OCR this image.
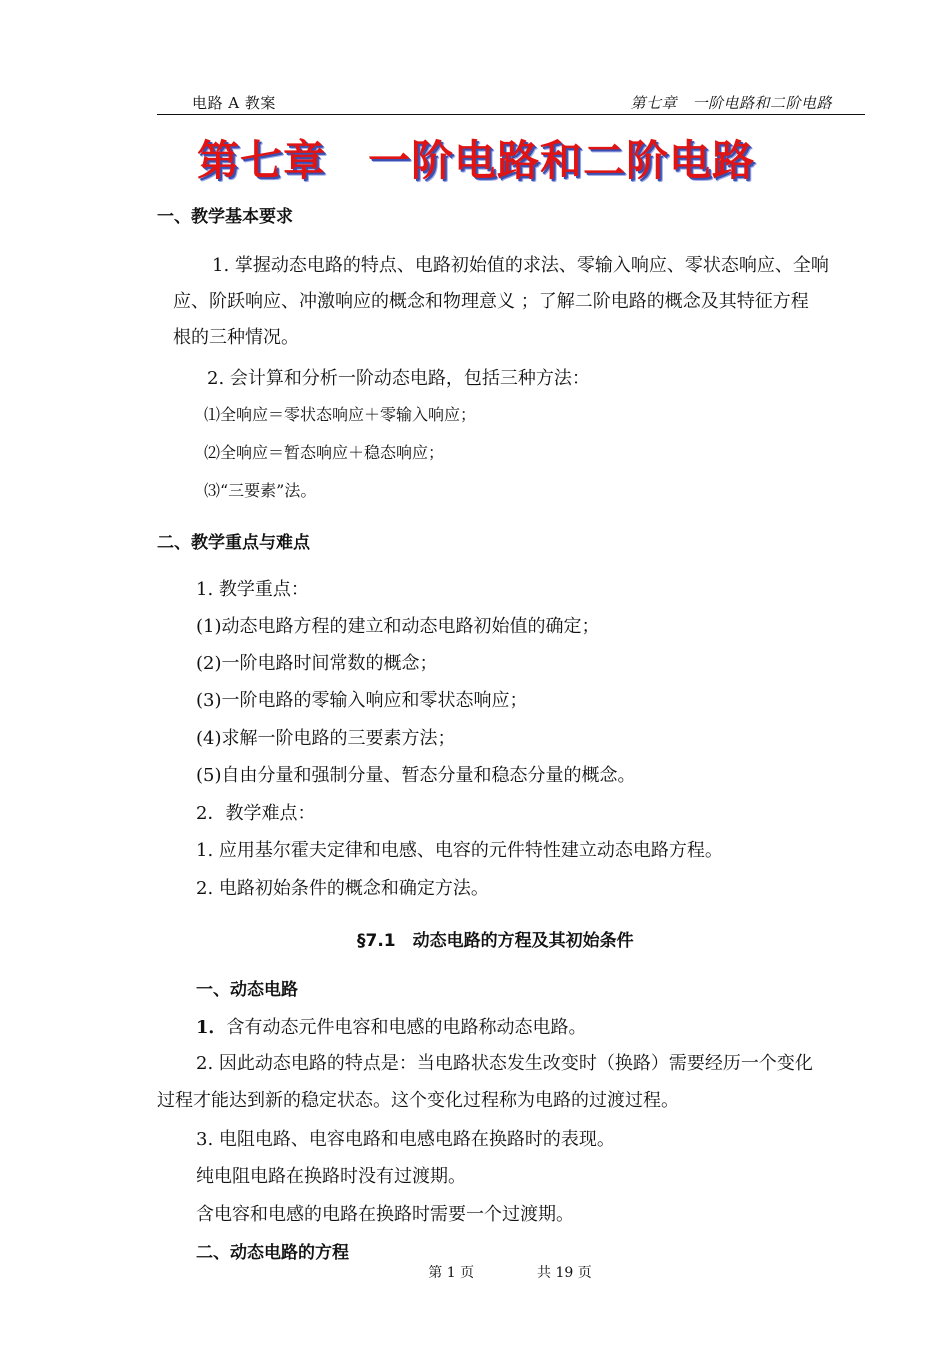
电路 A 教案	第七章　一阶电路和二阶电路
第七章 一阶电路和二阶电路
一、教学基本要求
1. 掌握动态电路的特点、电路初始值的求法、零输入响应、零状态响应、全响
应、阶跃响应、冲激响应的概念和物理意义 ；了解二阶电路的概念及其特征方程
根的三种情况。
2. 会计算和分析一阶动态电路，包括三种方法：
⑴全响应＝零状态响应＋零输入响应；
⑵全响应＝暂态响应＋稳态响应；
⑶“三要素”法。
二、教学重点与难点
1. 教学重点：
(1)动态电路方程的建立和动态电路初始值的确定；
(2)一阶电路时间常数的概念；
(3)一阶电路的零输入响应和零状态响应；
(4)求解一阶电路的三要素方法；
(5)自由分量和强制分量、暂态分量和稳态分量的概念。
2．教学难点：
1. 应用基尔霍夫定律和电感、电容的元件特性建立动态电路方程。
2. 电路初始条件的概念和确定方法。
§7.1　动态电路的方程及其初始条件
一、动态电路
1．含有动态元件电容和电感的电路称动态电路。
2. 因此动态电路的特点是：当电路状态发生改变时（换路）需要经历一个变化
过程才能达到新的稳定状态。这个变化过程称为电路的过渡过程。
3. 电阻电路、电容电路和电感电路在换路时的表现。
纯电阻电路在换路时没有过渡期。
含电容和电感的电路在换路时需要一个过渡期。
二、动态电路的方程
第 1 页	共 19 页
